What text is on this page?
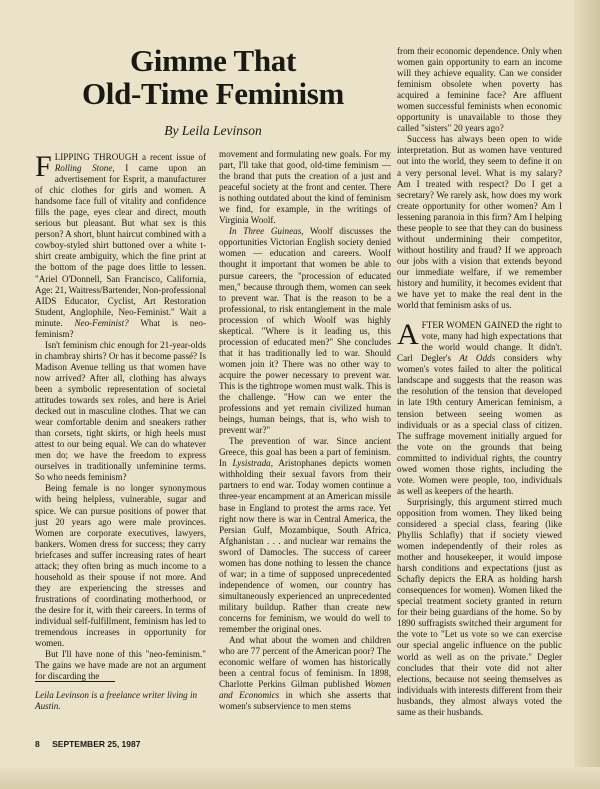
Gimme That
Old-Time Feminism
By Leila Levinson

FLIPPING THROUGH a recent issue of Rolling Stone, I came upon an advertisement for Esprit, a manufacturer of chic clothes for girls and women. A handsome face full of vitality and confidence fills the page, eyes clear and direct, mouth serious but pleasant. But what sex is this person? A short, blunt haircut combined with a cowboy-styled shirt buttoned over a white t-shirt create ambiguity, which the fine print at the bottom of the page does little to lessen. "Ariel O'Donnell, San Francisco, California, Age: 21, Waitress/Bartender, Non-professional AIDS Educator, Cyclist, Art Restoration Student, Anglophile, Neo-Feminist." Wait a minute. Neo-Feminist? What is neo-feminism?

Isn't feminism chic enough for 21-year-olds in chambray shirts? Or has it become passé? Is Madison Avenue telling us that women have now arrived? After all, clothing has always been a symbolic representation of societal attitudes towards sex roles, and here is Ariel decked out in masculine clothes. That we can wear comfortable denim and sneakers rather than corsets, tight skirts, or high heels must attest to our being equal. We can do whatever men do; we have the freedom to express ourselves in traditionally unfeminine terms. So who needs feminism?

Being female is no longer synonymous with being helpless, vulnerable, sugar and spice. We can pursue positions of power that just 20 years ago were male provinces. Women are corporate executives, lawyers, bankers. Women dress for success; they carry briefcases and suffer increasing rates of heart attack; they often bring as much income to a household as their spouse if not more. And they are experiencing the stresses and frustrations of coordinating motherhood, or the desire for it, with their careers. In terms of individual self-fulfillment, feminism has led to tremendous increases in opportunity for women.

But I'll have none of this "neo-feminism." The gains we have made are not an argument for discarding the

Leila Levinson is a freelance writer living in Austin.

movement and formulating new goals. For my part, I'll take that good, old-time feminism — the brand that puts the creation of a just and peaceful society at the front and center. There is nothing outdated about the kind of feminism we find, for example, in the writings of Virginia Woolf.

In Three Guineas, Woolf discusses the opportunities Victorian English society denied women — education and careers. Woolf thought it important that women be able to pursue careers, the "procession of educated men," because through them, women can seek to prevent war. That is the reason to be a professional, to risk entanglement in the male procession of which Woolf was highly skeptical. "Where is it leading us, this procession of educated men?" She concludes that it has traditionally led to war. Should women join it? There was no other way to acquire the power necessary to prevent war. This is the tightrope women must walk. This is the challenge. "How can we enter the professions and yet remain civilized human beings, human beings, that is, who wish to prevent war?"

The prevention of war. Since ancient Greece, this goal has been a part of feminism. In Lysistrada, Aristophanes depicts women withholding their sexual favors from their partners to end war. Today women continue a three-year encampment at an American missile base in England to protest the arms race. Yet right now there is war in Central America, the Persian Gulf, Mozambique, South Africa, Afghanistan . . . and nuclear war remains the sword of Damocles. The success of career women has done nothing to lessen the chance of war; in a time of supposed unprecedented independence of women, our country has simultaneously experienced an unprecedented military buildup. Rather than create new concerns for feminism, we would do well to remember the original ones.

And what about the women and children who are 77 percent of the American poor? The economic welfare of women has historically been a central focus of feminism. In 1898, Charlotte Perkins Gilman published Women and Economics in which she asserts that women's subservience to men stems

from their economic dependence. Only when women gain opportunity to earn an income will they achieve equality. Can we consider feminism obsolete when poverty has acquired a feminine face? Are affluent women successful feminists when economic opportunity is unavailable to those they called "sisters" 20 years ago?

Success has always been open to wide interpretation. But as women have ventured out into the world, they seem to define it on a very personal level. What is my salary? Am I treated with respect? Do I get a secretary? We rarely ask, how does my work create opportunity for other women? Am I lessening paranoia in this firm? Am I helping these people to see that they can do business without undermining their competitor, without hostility and fraud? If we approach our jobs with a vision that extends beyond our immediate welfare, if we remember history and humility, it becomes evident that we have yet to make the real dent in the world that feminism asks of us.

AFTER WOMEN GAINED the right to vote, many had high expectations that the world would change. It didn't. Carl Degler's At Odds considers why women's votes failed to alter the political landscape and suggests that the reason was the resolution of the tension that developed in late 19th century American feminism, a tension between seeing women as individuals or as a special class of citizen. The suffrage movement initially argued for the vote on the grounds that being committed to individual rights, the country owed women those rights, including the vote. Women were people, too, individuals as well as keepers of the hearth.

Surprisingly, this argument stirred much opposition from women. They liked being considered a special class, fearing (like Phyllis Schlafly) that if society viewed women independently of their roles as mother and housekeeper, it would impose harsh conditions and expectations (just as Schafly depicts the ERA as holding harsh consequences for women). Women liked the special treatment society granted in return for their being guardians of the home. So by 1890 suffragists switched their argument for the vote to "Let us vote so we can exercise our special angelic influence on the public world as well as on the private." Degler concludes that their vote did not alter elections, because not seeing themselves as individuals with interests different from their husbands, they almost always voted the same as their husbands.

8 SEPTEMBER 25, 1987
